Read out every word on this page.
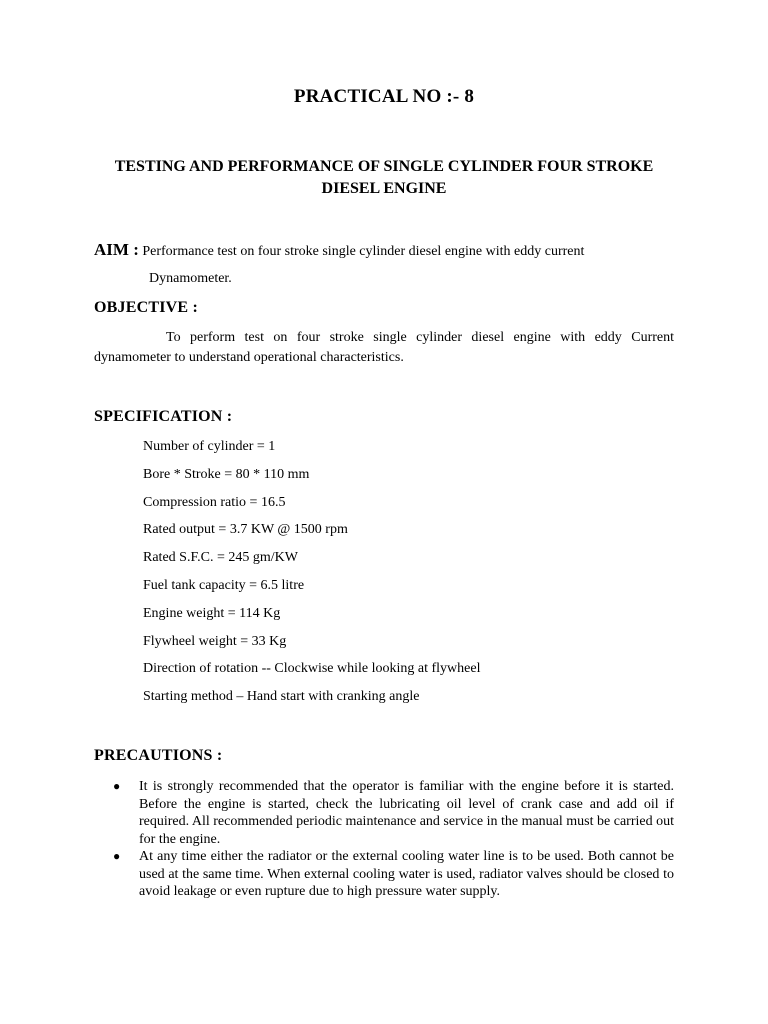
PRACTICAL NO :- 8
TESTING AND PERFORMANCE OF SINGLE CYLINDER FOUR STROKE DIESEL ENGINE
AIM : Performance test on four stroke single cylinder diesel engine with eddy current
Dynamometer.
OBJECTIVE :
To perform test on four stroke single cylinder diesel engine with eddy Current dynamometer to understand operational characteristics.
SPECIFICATION :
Number of cylinder = 1
Bore * Stroke = 80 * 110 mm
Compression ratio = 16.5
Rated output = 3.7 KW @ 1500 rpm
Rated S.F.C. = 245 gm/KW
Fuel tank capacity = 6.5 litre
Engine weight = 114 Kg
Flywheel weight = 33 Kg
Direction of rotation -- Clockwise while looking at flywheel
Starting method – Hand start with cranking angle
PRECAUTIONS :
● It is strongly recommended that the operator is familiar with the engine before it is started. Before the engine is started, check the lubricating oil level of crank case and add oil if required. All recommended periodic maintenance and service in the manual must be carried out for the engine.
● At any time either the radiator or the external cooling water line is to be used. Both cannot be used at the same time. When external cooling water is used, radiator valves should be closed to avoid leakage or even rupture due to high pressure water supply.
